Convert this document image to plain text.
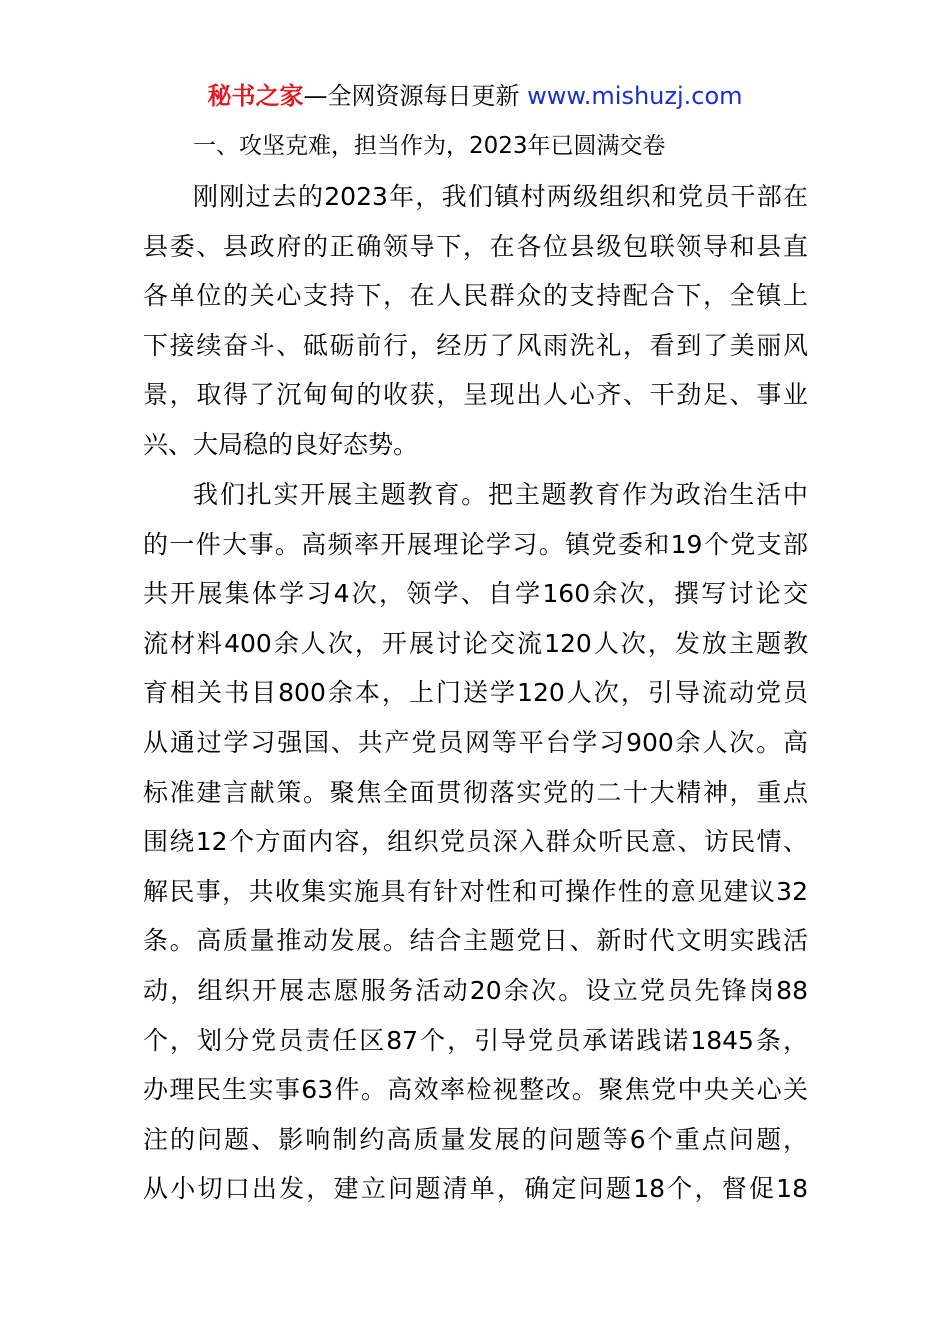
秘书之家—全网资源每日更新 www.mishuzj.com
一、攻坚克难，担当作为，2023年已圆满交卷
刚刚过去的2023年，我们镇村两级组织和党员干部在
县委、县政府的正确领导下，在各位县级包联领导和县直
各单位的关心支持下，在人民群众的支持配合下，全镇上
下接续奋斗、砥砺前行，经历了风雨洗礼，看到了美丽风
景，取得了沉甸甸的收获，呈现出人心齐、干劲足、事业
兴、大局稳的良好态势。
我们扎实开展主题教育。把主题教育作为政治生活中
的一件大事。高频率开展理论学习。镇党委和19个党支部
共开展集体学习4次，领学、自学160余次，撰写讨论交
流材料400余人次，开展讨论交流120人次，发放主题教
育相关书目800余本，上门送学120人次，引导流动党员
从通过学习强国、共产党员网等平台学习900余人次。高
标准建言献策。聚焦全面贯彻落实党的二十大精神，重点
围绕12个方面内容，组织党员深入群众听民意、访民情、
解民事，共收集实施具有针对性和可操作性的意见建议32
条。高质量推动发展。结合主题党日、新时代文明实践活
动，组织开展志愿服务活动20余次。设立党员先锋岗88
个，划分党员责任区87个，引导党员承诺践诺1845条，
办理民生实事63件。高效率检视整改。聚焦党中央关心关
注的问题、影响制约高质量发展的问题等6个重点问题，
从小切口出发，建立问题清单，确定问题18个，督促18
